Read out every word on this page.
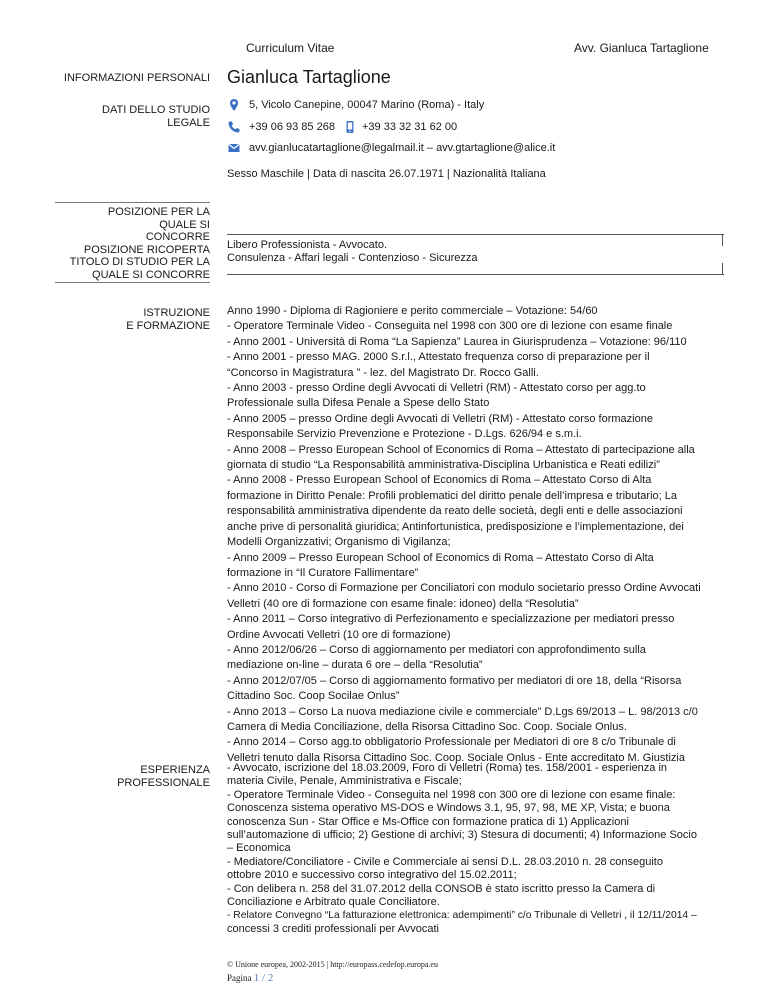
Curriculum Vitae	Avv. Gianluca Tartaglione
INFORMAZIONI PERSONALI Gianluca Tartaglione
DATI DELLO STUDIO
LEGALE
5, Vicolo Canepine, 00047 Marino (Roma) - Italy
+39 06 93 85 268 +39 33 32 31 62 00
avv.gianlucatartaglione@legalmail.it – avv.gtartaglione@alice.it
Sesso Maschile | Data di nascita 26.07.1971 | Nazionalità Italiana
POSIZIONE PER LA
QUALE SI
CONCORRE
POSIZIONE RICOPERTA
TITOLO DI STUDIO PER LA
QUALE SI CONCORRE
Libero Professionista - Avvocato.
Consulenza - Affari legali - Contenzioso - Sicurezza
ISTRUZIONE
E FORMAZIONE
Anno 1990 - Diploma di Ragioniere e perito commerciale – Votazione: 54/60
- Operatore Terminale Video - Conseguita nel 1998 con 300 ore di lezione con esame finale
- Anno 2001 - Università di Roma “La Sapienza” Laurea in Giurisprudenza – Votazione: 96/110
- Anno 2001 - presso MAG. 2000 S.r.l., Attestato frequenza corso di preparazione per il
“Concorso in Magistratura ” - lez. del Magistrato Dr. Rocco Galli.
- Anno 2003 - presso Ordine degli Avvocati di Velletri (RM) - Attestato corso per agg.to
Professionale sulla Difesa Penale a Spese dello Stato
- Anno 2005 – presso Ordine degli Avvocati di Velletri (RM) - Attestato corso formazione
Responsabile Servizio Prevenzione e Protezione - D.Lgs. 626/94 e s.m.i.
- Anno 2008 – Presso European School of Economics di Roma – Attestato di partecipazione alla
giornata di studio “La Responsabilità amministrativa-Disciplina Urbanistica e Reati edilizi”
- Anno 2008 - Presso European School of Economics di Roma – Attestato Corso di Alta
formazione in Diritto Penale: Profili problematici del diritto penale dell’impresa e tributario; La
responsabilità amministrativa dipendente da reato delle società, degli enti e delle associazioni
anche prive di personalità giuridica; Antinfortunistica, predisposizione e l’implementazione, dei
Modelli Organizzativi; Organismo di Vigilanza;
- Anno 2009 – Presso European School of Economics di Roma – Attestato Corso di Alta
formazione in “Il Curatore Fallimentare”
- Anno 2010 - Corso di Formazione per Conciliatori con modulo societario presso Ordine Avvocati
Velletri (40 ore di formazione con esame finale: idoneo) della “Resolutia”
- Anno 2011 – Corso integrativo di Perfezionamento e specializzazione per mediatori presso
Ordine Avvocati Velletri (10 ore di formazione)
- Anno 2012/06/26 – Corso di aggiornamento per mediatori con approfondimento sulla
mediazione on-line – durata 6 ore – della “Resolutia”
- Anno 2012/07/05 – Corso di aggiornamento formativo per mediatori di ore 18, della “Risorsa
Cittadino Soc. Coop Socilae Onlus”
- Anno 2013 – Corso La nuova mediazione civile e commerciale” D.Lgs 69/2013 – L. 98/2013 c/0
Camera di Media Conciliazione, della Risorsa Cittadino Soc. Coop. Sociale Onlus.
- Anno 2014 – Corso agg.to obbligatorio Professionale per Mediatori di ore 8 c/o Tribunale di
Velletri tenuto dalla Risorsa Cittadino Soc. Coop. Sociale Onlus - Ente accreditato M. Giustizia
ESPERIENZA
PROFESSIONALE
- Avvocato, iscrizione del 18.03.2009, Foro di Velletri (Roma) tes. 158/2001 - esperienza in
materia Civile, Penale, Amministrativa e Fiscale;
- Operatore Terminale Video - Conseguita nel 1998 con 300 ore di lezione con esame finale:
Conoscenza sistema operativo MS-DOS e Windows 3.1, 95, 97, 98, ME XP, Vista; e buona
conoscenza Sun - Star Office e Ms-Office con formazione pratica di 1) Applicazioni
sull’automazione di ufficio; 2) Gestione di archivi; 3) Stesura di documenti; 4) Informazione Socio
– Economica
- Mediatore/Conciliatore - Civile e Commerciale ai sensi D.L. 28.03.2010 n. 28 conseguito
ottobre 2010 e successivo corso integrativo del 15.02.2011;
- Con delibera n. 258 del 31.07.2012 della CONSOB è stato iscritto presso la Camera di
Conciliazione e Arbitrato quale Conciliatore.
- Relatore Convegno “La fatturazione elettronica: adempimenti” c/o Tribunale di Velletri , il 12/11/2014 –
concessi 3 crediti professionali per Avvocati
© Unione europea, 2002-2015 | http://europass.cedefop.europa.eu
Pagina 1 / 2
